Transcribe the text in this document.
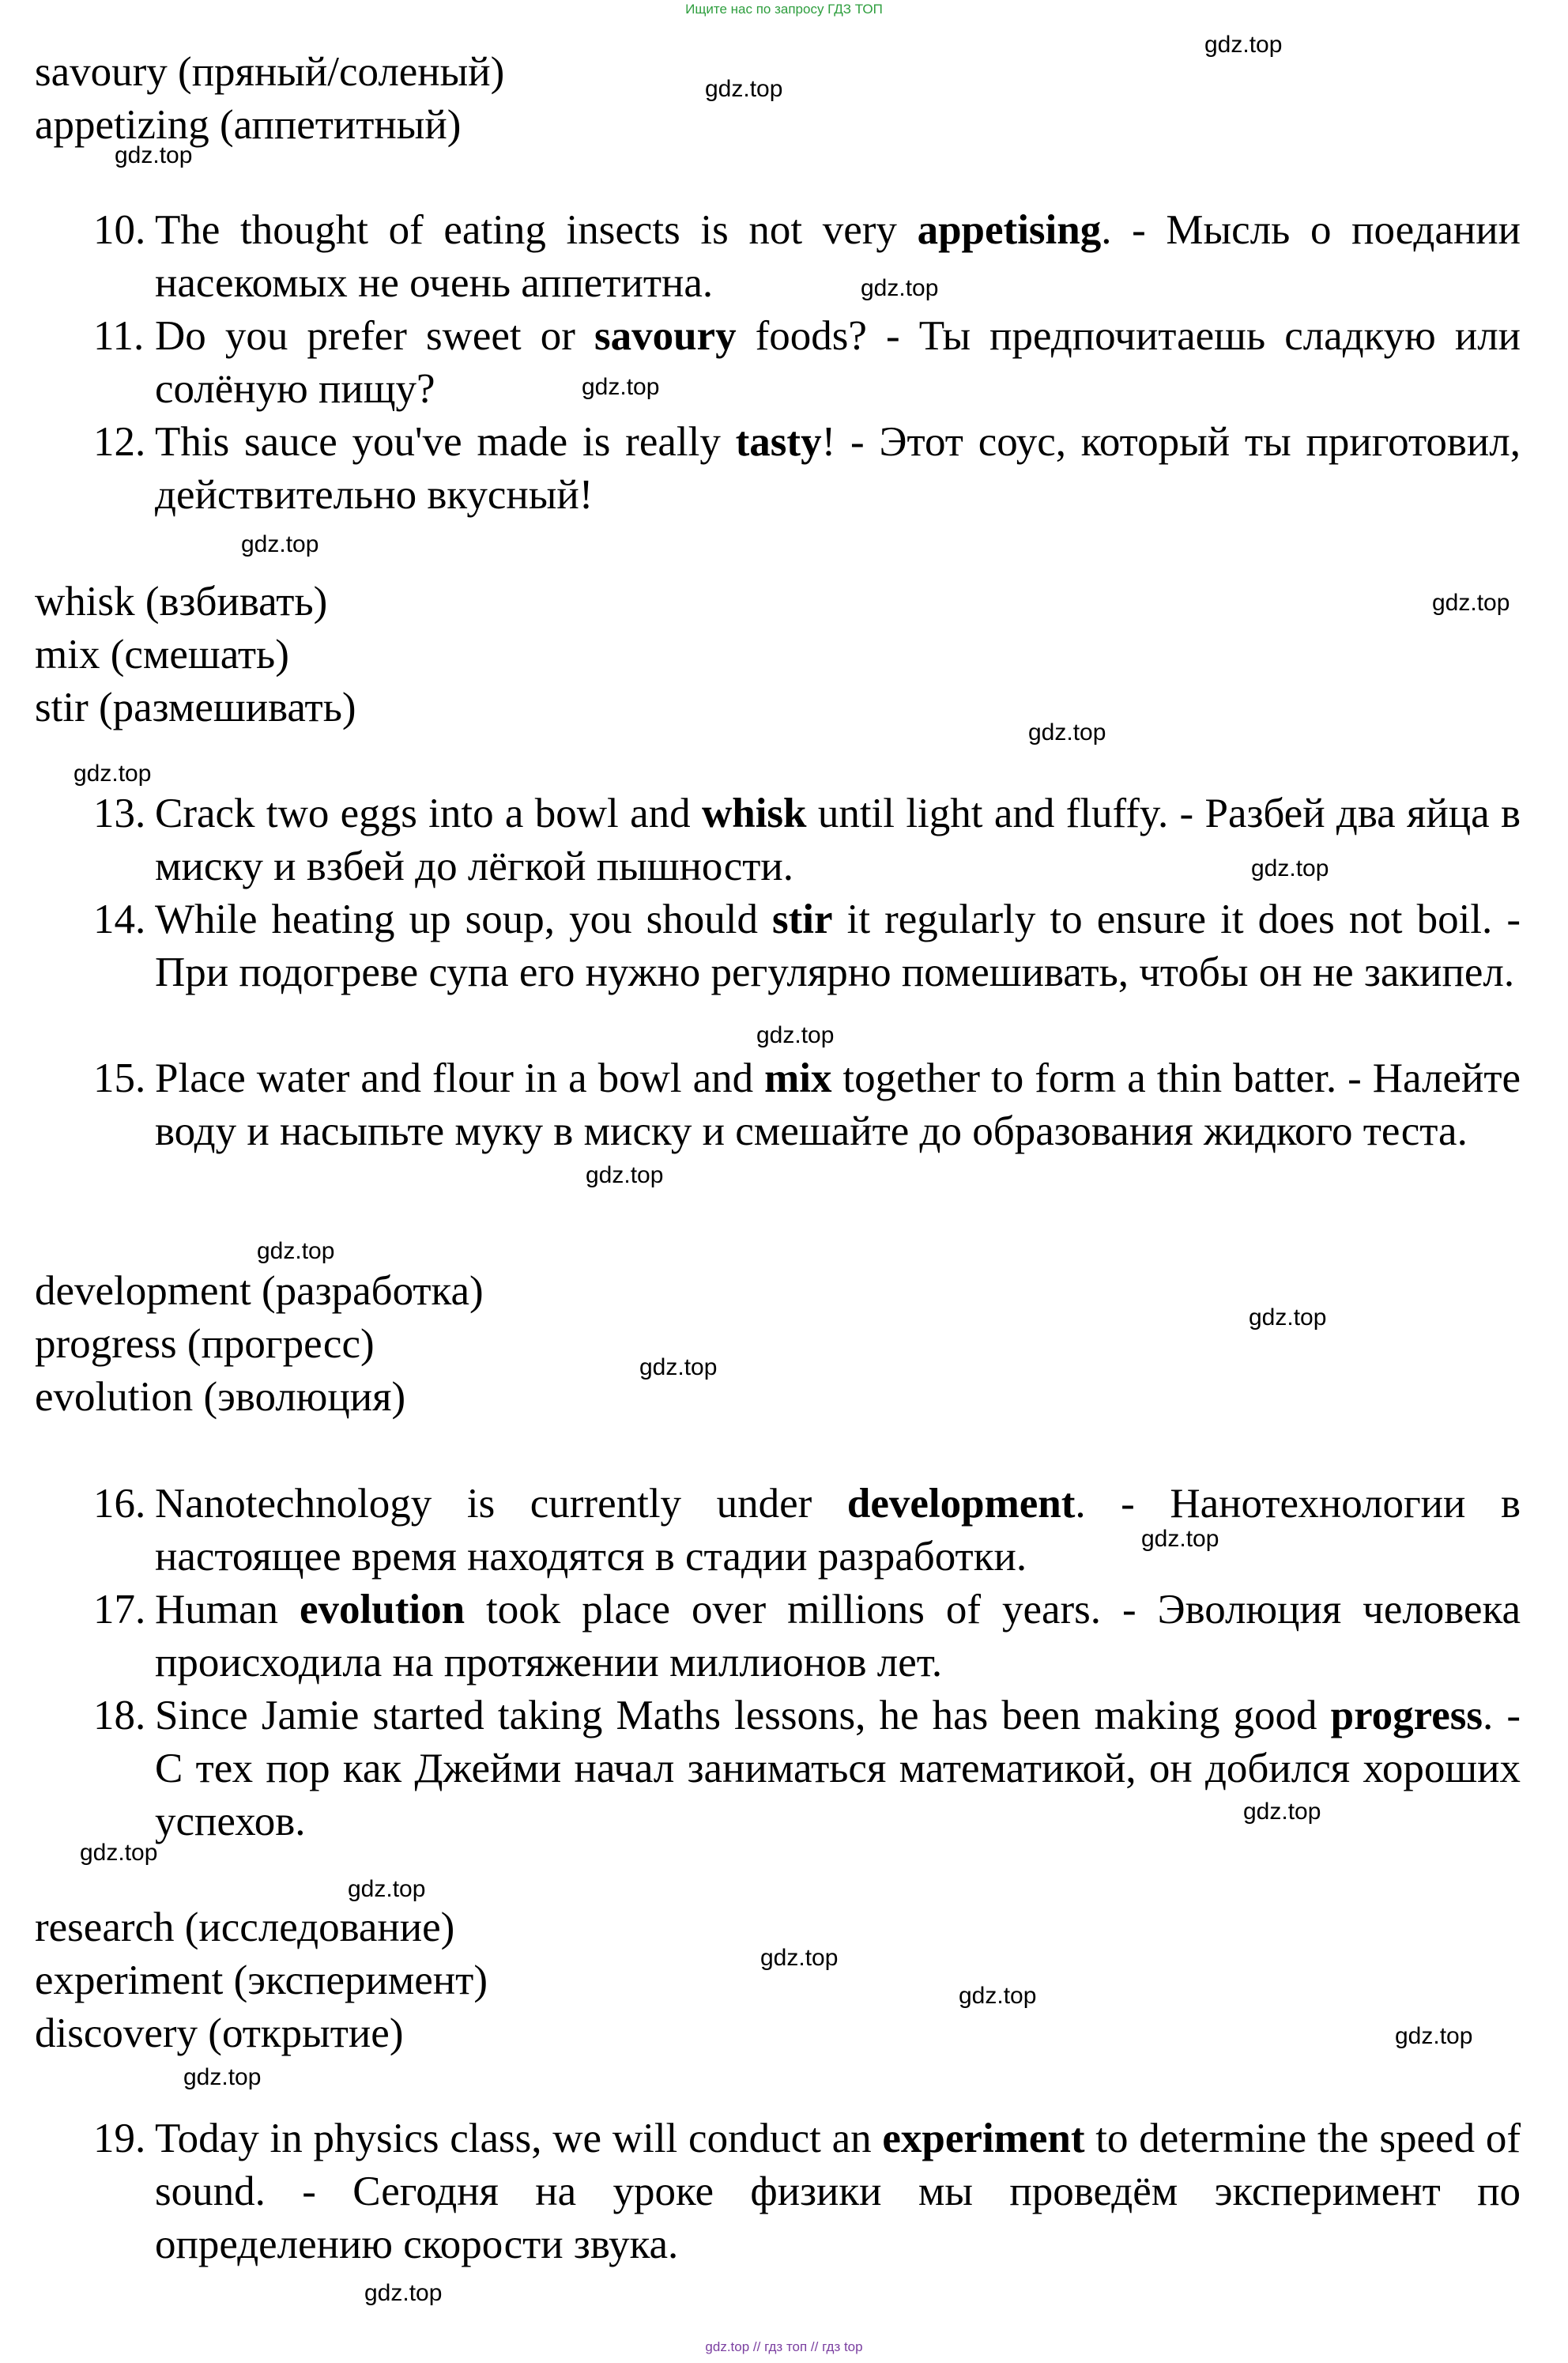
Ищите нас по запросу ГДЗ ТОП
savoury (пряный/соленый)
appetizing (аппетитный)
10. The thought of eating insects is not very appetising. - Мысль о поедании насекомых не очень аппетитна.
11. Do you prefer sweet or savoury foods? - Ты предпочитаешь сладкую или солёную пищу?
12. This sauce you've made is really tasty! - Этот соус, который ты приготовил, действительно вкусный!
whisk (взбивать)
mix (смешать)
stir (размешивать)
13. Crack two eggs into a bowl and whisk until light and fluffy. - Разбей два яйца в миску и взбей до лёгкой пышности.
14. While heating up soup, you should stir it regularly to ensure it does not boil. - При подогреве супа его нужно регулярно помешивать, чтобы он не закипел.
15. Place water and flour in a bowl and mix together to form a thin batter. - Налейте воду и насыпьте муку в миску и смешайте до образования жидкого теста.
development (разработка)
progress (прогресс)
evolution (эволюция)
16. Nanotechnology is currently under development. - Нанотехнологии в настоящее время находятся в стадии разработки.
17. Human evolution took place over millions of years. - Эволюция человека происходила на протяжении миллионов лет.
18. Since Jamie started taking Maths lessons, he has been making good progress. - С тех пор как Джейми начал заниматься математикой, он добился хороших успехов.
research (исследование)
experiment (эксперимент)
discovery (открытие)
19. Today in physics class, we will conduct an experiment to determine the speed of sound. - Сегодня на уроке физики мы проведём эксперимент по определению скорости звука.
gdz.top
gdz.top
gdz.top
gdz.top
gdz.top
gdz.top
gdz.top
gdz.top
gdz.top
gdz.top
gdz.top
gdz.top
gdz.top
gdz.top
gdz.top
gdz.top
gdz.top
gdz.top
gdz.top
gdz.top
gdz.top
gdz.top
gdz.top
gdz.top
gdz.top // гдз топ // гдз top
